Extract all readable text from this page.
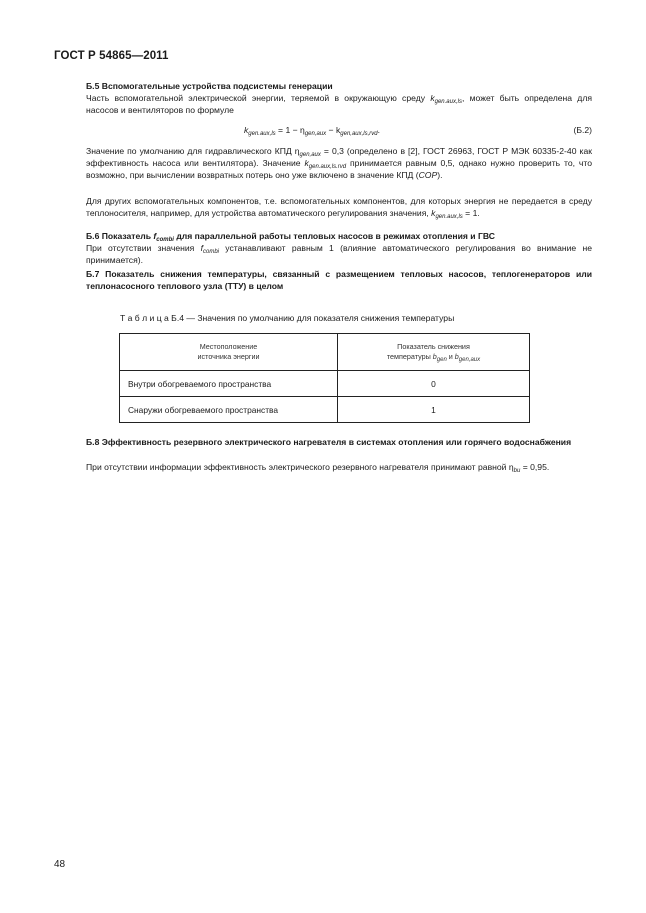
ГОСТ Р 54865—2011
Б.5 Вспомогательные устройства подсистемы генерации
Часть вспомогательной электрической энергии, теряемой в окружающую среду $k_{gen.aux,ls}$, может быть определена для насосов и вентиляторов по формуле
$k_{gen.aux,ls} = 1 - \eta_{gen,aux} - k_{gen,aux,ls,rvd}$.	(Б.2)
Значение по умолчанию для гидравлического КПД $\eta_{gen,aux} = 0,3$ (определено в [2], ГОСТ 26963, ГОСТ Р МЭК 60335-2-40 как эффективность насоса или вентилятора). Значение $k_{gen.aux,ls.rvd}$ принимается равным 0,5, однако нужно проверить то, что возможно, при вычислении возвратных потерь оно уже включено в значение КПД (COP).
Для других вспомогательных компонентов, т.е. вспомогательных компонентов, для которых энергия не передается в среду теплоносителя, например, для устройства автоматического регулирования значения, $k_{gen.aux,ls} = 1$.
Б.6 Показатель $f_{combi}$ для параллельной работы тепловых насосов в режимах отопления и ГВС
При отсутствии значения $f_{combi}$ устанавливают равным 1 (влияние автоматического регулирования во внимание не принимается).
Б.7 Показатель снижения температуры, связанный с размещением тепловых насосов, теплогенераторов или теплонасосного теплового узла (ТТУ) в целом
Т а б л и ц а Б.4 — Значения по умолчанию для показателя снижения температуры
Местоположение
источника энергии	Показатель снижения
температуры $b_{gen}$ и $b_{gen,aux}$
Внутри обогреваемого пространства	0
Снаружи обогреваемого пространства	1
Б.8 Эффективность резервного электрического нагревателя в системах отопления или горячего водоснабжения
При отсутствии информации эффективность электрического резервного нагревателя принимают равной $\eta_{bu} = 0,95$.
48
